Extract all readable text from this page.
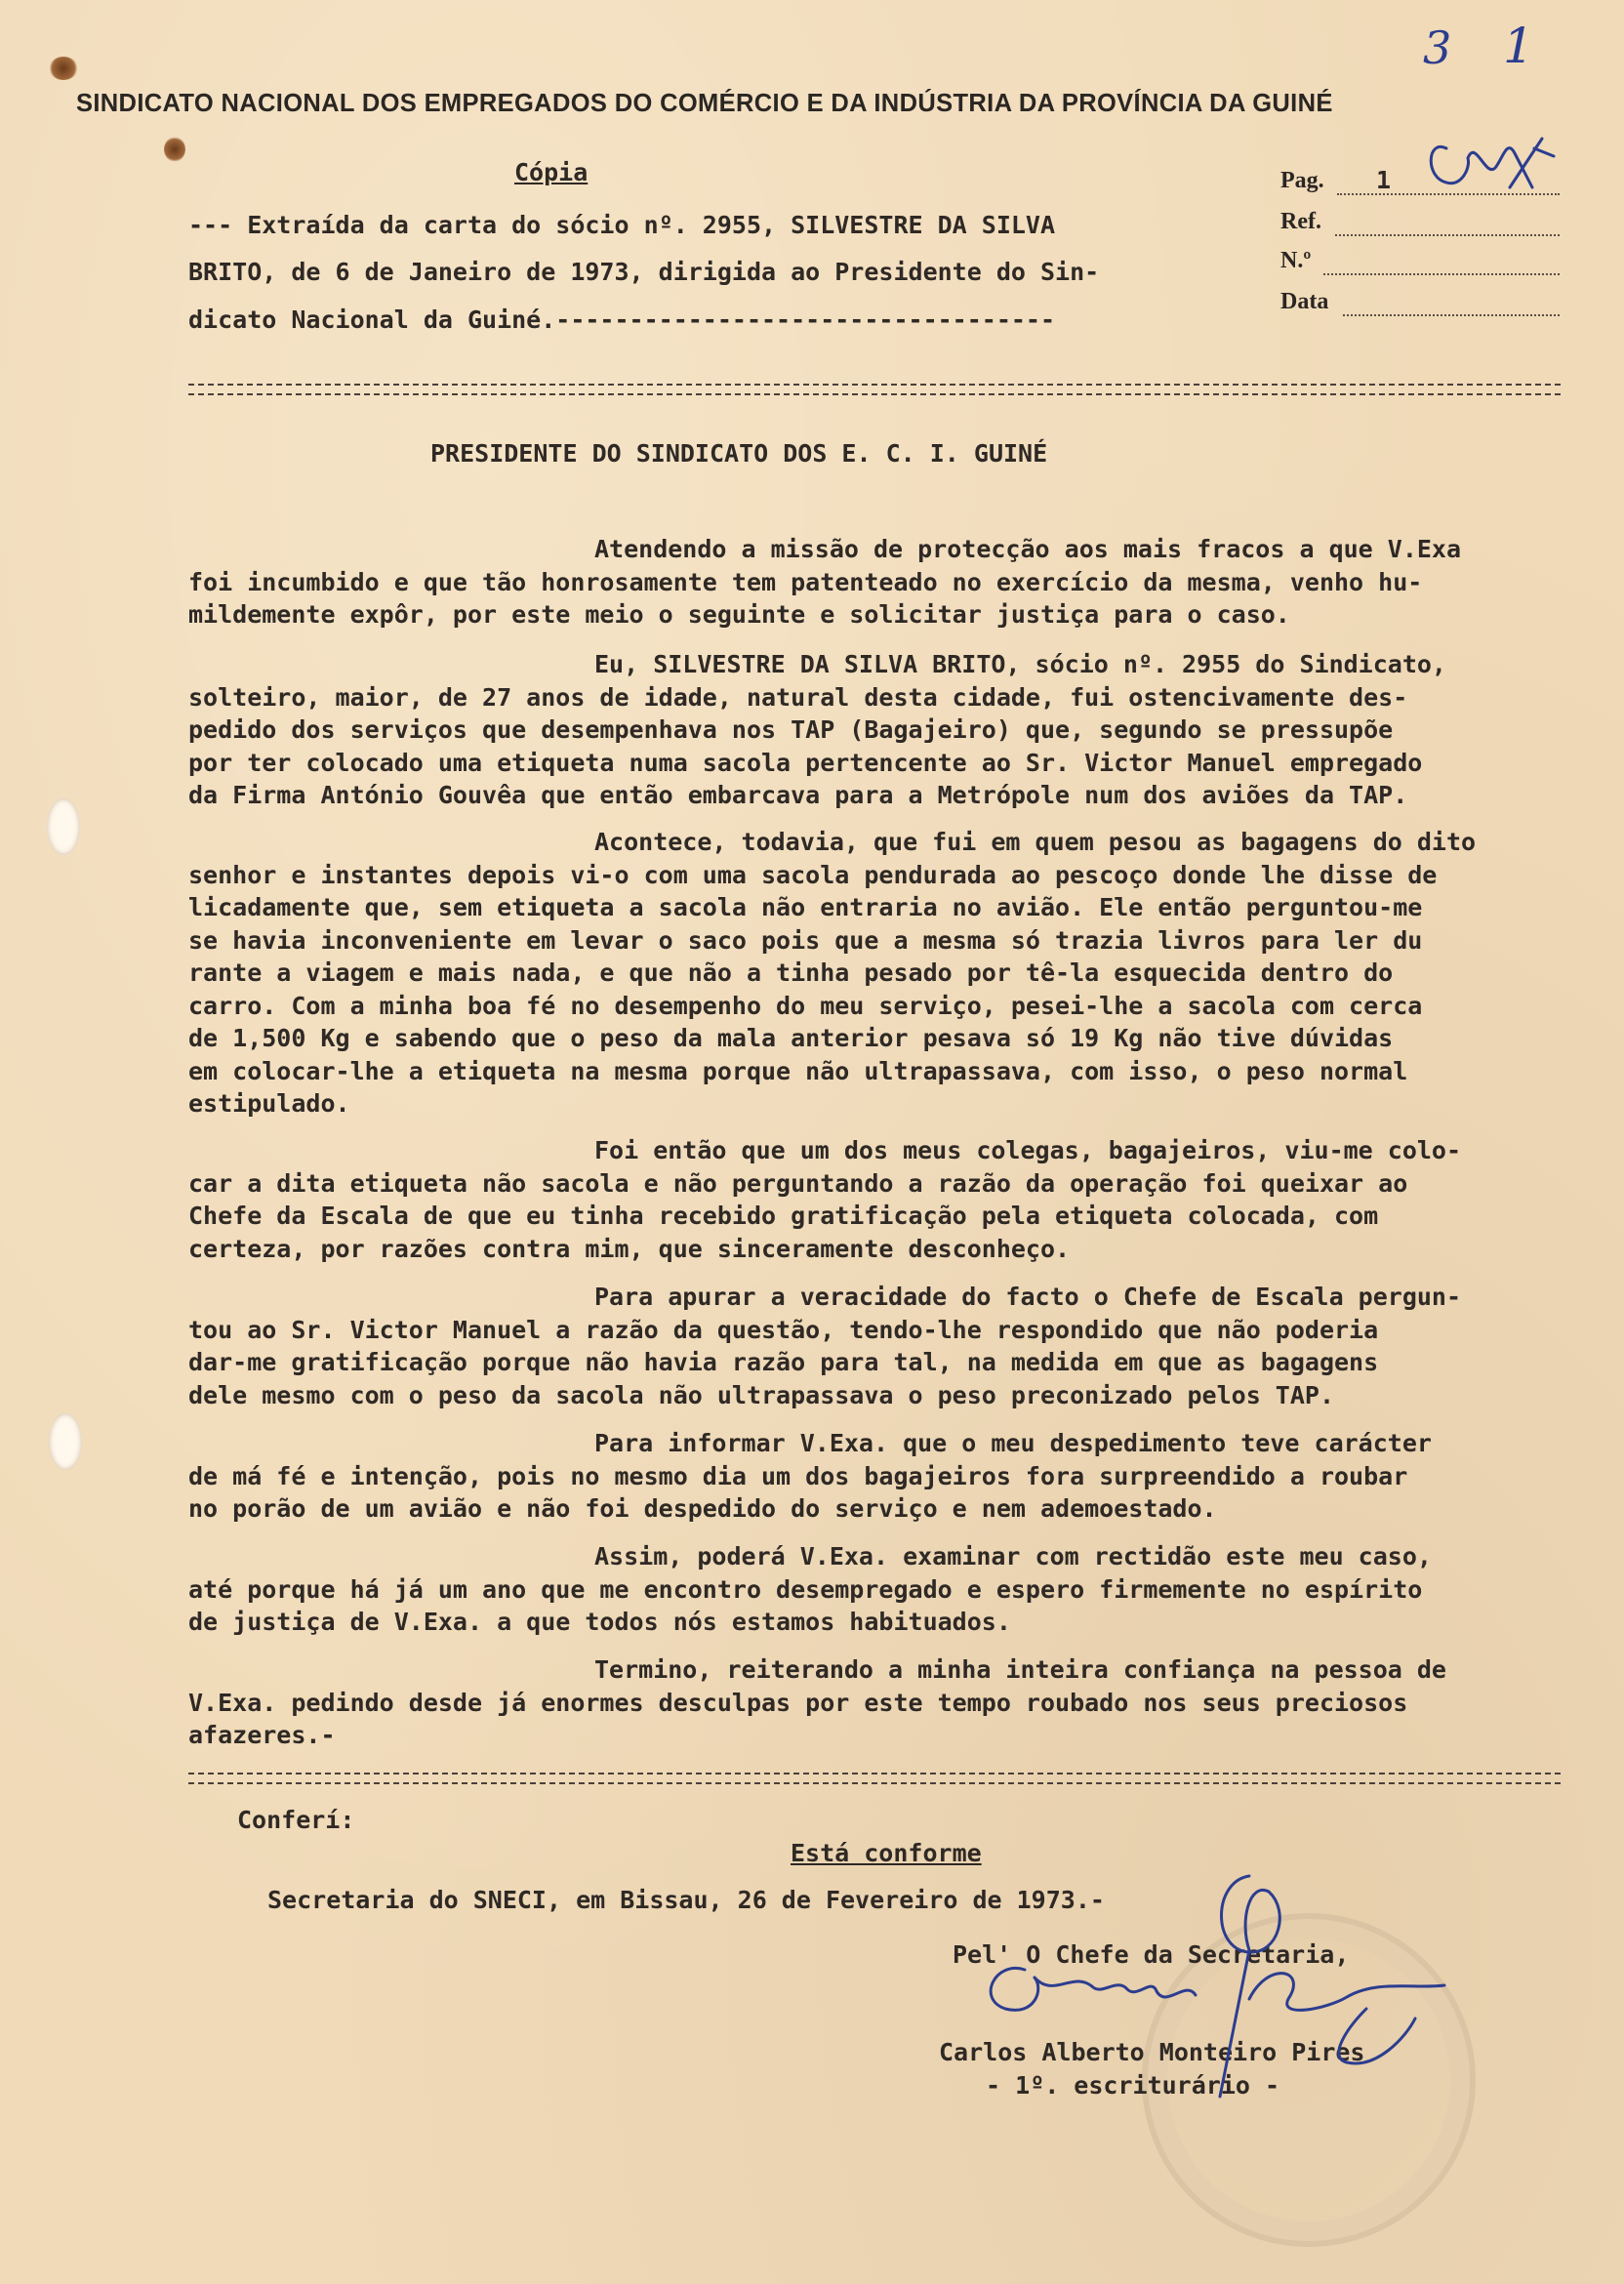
3 1
SINDICATO NACIONAL DOS EMPREGADOS DO COMÉRCIO E DA INDÚSTRIA DA PROVÍNCIA DA GUINÉ
Cópia
--- Extraída da carta do sócio nº. 2955, SILVESTRE DA SILVA
BRITO, de 6 de Janeiro de 1973, dirigida ao Presidente do Sin-
dicato Nacional da Guiné.----------------------------------
Pag. 1
Ref.
N.º
Data
PRESIDENTE DO SINDICATO DOS E. C. I. GUINÉ
Atendendo a missão de protecção aos mais fracos a que V.Exa
foi incumbido e que tão honrosamente tem patenteado no exercício da mesma, venho hu-
mildemente expôr, por este meio o seguinte e solicitar justiça para o caso.
Eu, SILVESTRE DA SILVA BRITO, sócio nº. 2955 do Sindicato,
solteiro, maior, de 27 anos de idade, natural desta cidade, fui ostencivamente des-
pedido dos serviços que desempenhava nos TAP (Bagajeiro) que, segundo se pressupõe
por ter colocado uma etiqueta numa sacola pertencente ao Sr. Victor Manuel empregado
da Firma António Gouvêa que então embarcava para a Metrópole num dos aviões da TAP.
Acontece, todavia, que fui em quem pesou as bagagens do dito
senhor e instantes depois vi-o com uma sacola pendurada ao pescoço donde lhe disse de
licadamente que, sem etiqueta a sacola não entraria no avião. Ele então perguntou-me
se havia inconveniente em levar o saco pois que a mesma só trazia livros para ler du
rante a viagem e mais nada, e que não a tinha pesado por tê-la esquecida dentro do
carro. Com a minha boa fé no desempenho do meu serviço, pesei-lhe a sacola com cerca
de 1,500 Kg e sabendo que o peso da mala anterior pesava só 19 Kg não tive dúvidas
em colocar-lhe a etiqueta na mesma porque não ultrapassava, com isso, o peso normal
estipulado.
Foi então que um dos meus colegas, bagajeiros, viu-me colo-
car a dita etiqueta não sacola e não perguntando a razão da operação foi queixar ao
Chefe da Escala de que eu tinha recebido gratificação pela etiqueta colocada, com
certeza, por razões contra mim, que sinceramente desconheço.
Para apurar a veracidade do facto o Chefe de Escala pergun-
tou ao Sr. Victor Manuel a razão da questão, tendo-lhe respondido que não poderia
dar-me gratificação porque não havia razão para tal, na medida em que as bagagens
dele mesmo com o peso da sacola não ultrapassava o peso preconizado pelos TAP.
Para informar V.Exa. que o meu despedimento teve carácter
de má fé e intenção, pois no mesmo dia um dos bagajeiros fora surpreendido a roubar
no porão de um avião e não foi despedido do serviço e nem ademoestado.
Assim, poderá V.Exa. examinar com rectidão este meu caso,
até porque há já um ano que me encontro desempregado e espero firmemente no espírito
de justiça de V.Exa. a que todos nós estamos habituados.
Termino, reiterando a minha inteira confiança na pessoa de
V.Exa. pedindo desde já enormes desculpas por este tempo roubado nos seus preciosos
afazeres.-
Conferí:
Está conforme
Secretaria do SNECI, em Bissau, 26 de Fevereiro de 1973.-
Pel' O Chefe da Secretaria,
Carlos Alberto Monteiro Pires
- 1º. escriturário -
